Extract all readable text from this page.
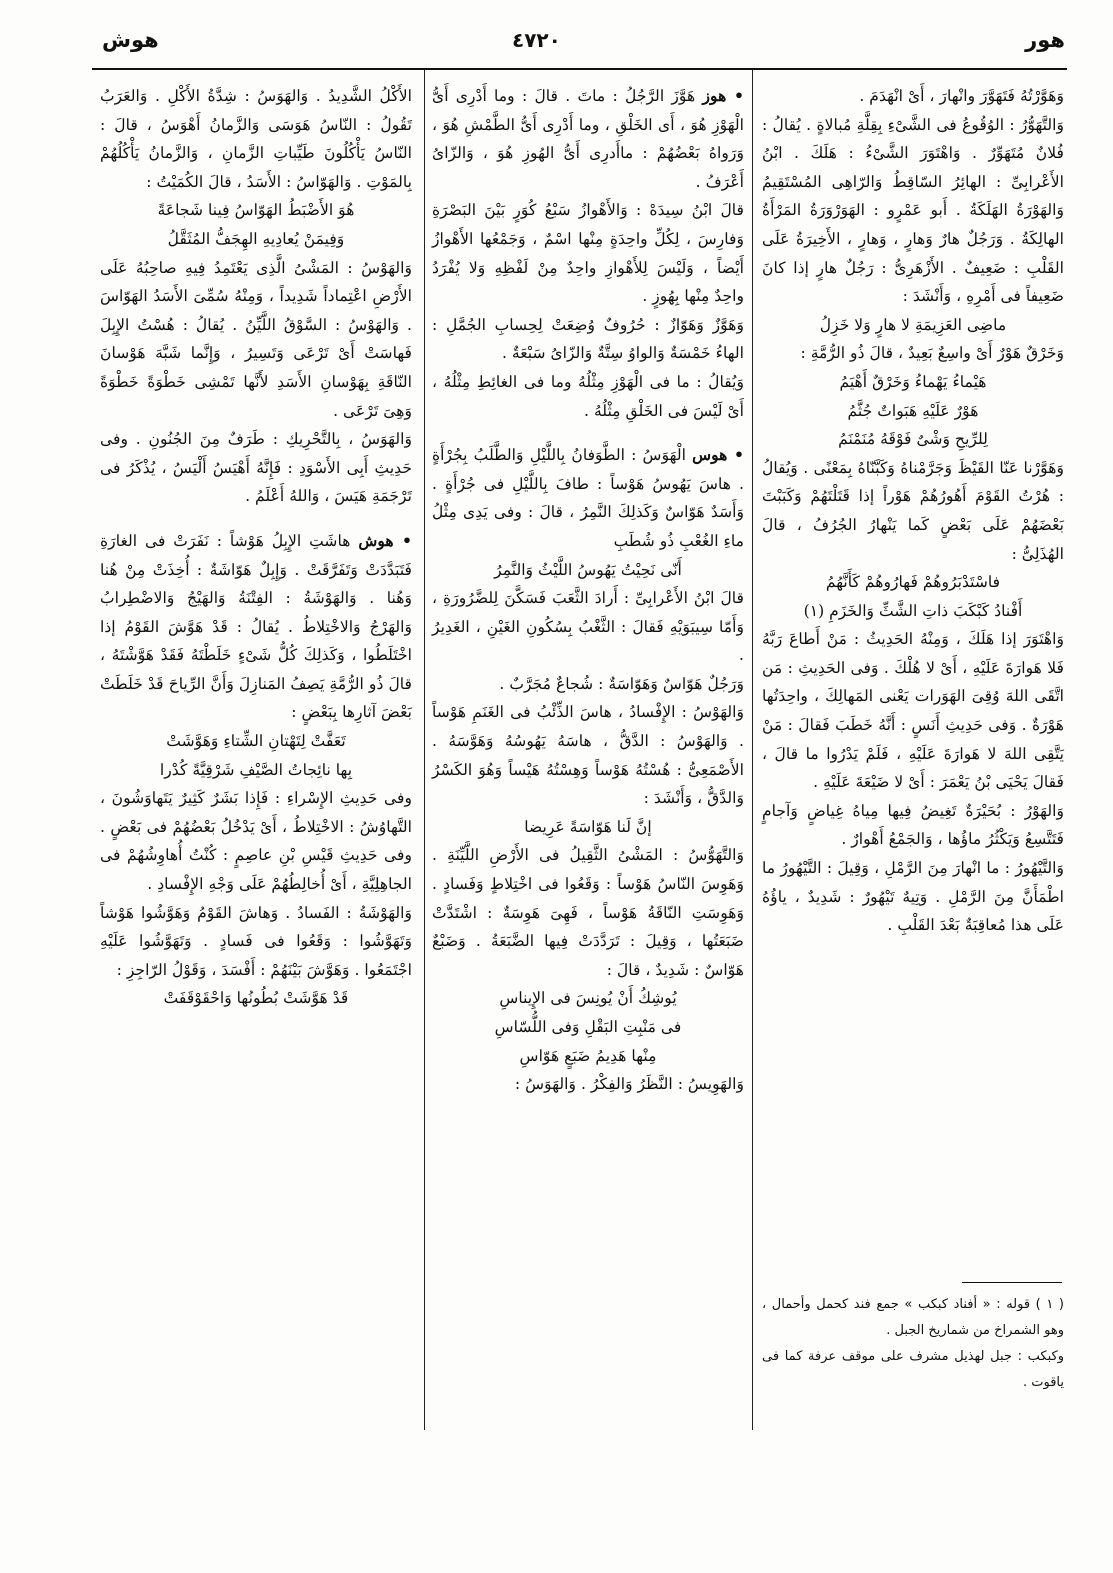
هوش	٤٧٢٠	هور

وَهَوَّرْتُهُ فَتَهَوَّرَ وانْهارَ ، أَىْ انْهَدَمَ .

وَالتَّهَوُّرُ : الوُقُوعُ فى الشَّىْءِ بِقِلَّةِ مُبالاةٍ . يُقالُ : فُلانٌ مُتَهَوِّرٌ . وَاهْتَوَرَ الشَّىْءُ : هَلَكَ . ابْنُ الأَعْرابِىِّ : الهائِرُ السّاقِطُ وَالرّاهِى المُسْتَقِيمُ وَالهَوْرَةُ الهَلَكَةُ . أَبو عَمْرٍو : الهَوَرْوَرَةُ المَرْأَةُ الهالِكَةُ . وَرَجُلٌ هارٌ وَهارٍ ، وَهارٍ ، الأَخِيرَةُ عَلَى القَلْبِ : ضَعِيفٌ . الأَزْهَرِىُّ : رَجُلٌ هارٍ إذا كانَ ضَعِيفاً فى أَمْرِهِ ، وَأَنْشَدَ :

ماضِى العَزِيمَةِ لا هارٍ وَلا خَزِلُ

وَخَرْقٌ هَوْرٌ أَىْ واسِعٌ بَعِيدٌ ، قالَ ذُو الرُّمَّةِ :

هَيْماءُ يَهْماءُ وَخَرْقٌ أَهْيَمُ

هَوْرٌ عَلَيْهِ هَبَواتٌ جُثَّمُ

لِلرِّيحِ وَشْىٌ فَوْقَهُ مُنَمْنَمُ

وَهَوَّرْنا عَنّا القَيْظَ وَجَرَّمْناهُ وَكَبَّنّاهُ بِمَعْنًى . وَيُقالُ : هُرْتُ القَوْمَ أَهُورُهُمْ هَوْراً إذا قَتَلْتَهُمْ وَكَبَبْتَ بَعْضَهُمْ عَلَى بَعْضٍ كَما يَنْهارُ الجُرُفُ ، قالَ الهُذَلِىُّ :

فاسْتَدْبَرُوهُمْ فَهارُوهُمْ كَأَنَّهُمُ

أَفْنادُ كَبْكَبَ ذاتِ الشَّثِّ وَالخَزَمِ (١)

وَاهْتَوَرَ إذا هَلَكَ ، وَمِنْهُ الحَدِيثُ : مَنْ أَطاعَ رَبَّهُ فَلا هَوارَةَ عَلَيْهِ ، أَىْ لا هُلْكَ . وَفى الحَدِيثِ : مَن اتَّقَى اللهَ وُقِىَ الهَوَرات يَعْنى المَهالِكَ ، واحِدَتُها هَوْرَةٌ . وَفى حَدِيثِ أَنَسٍ : أَنَّهُ خَطَبَ فَقالَ : مَنْ يَتَّقِى اللهَ لا هَوارَةَ عَلَيْهِ ، فَلَمْ يَدْرُوا ما قالَ ، فَقالَ يَحْيَى بْنُ يَعْمَرَ : أَىْ لا ضَيْعَةَ عَلَيْهِ .

وَالهَوْرُ : بُحَيْرَةٌ تَغِيضُ فِيها مِياهُ غِياضٍ وَآجامٍ فَتَتَّسِعُ وَيَكْثُرُ ماؤُها ، وَالجَمْعُ أَهْوارٌ .

وَالتَّيْهُورُ : ما انْهارَ مِنَ الرَّمْلِ ، وَقِيلَ : التَّيْهُورُ ما اطْمَأَنَّ مِنَ الرَّمْلِ . وَتِيهٌ تَيْهُورٌ : شَدِيدٌ ، ياؤُهُ عَلَى هذا مُعاقِبَةٌ بَعْدَ القَلْبِ .

• هوز هَوَّزَ الرَّجُلُ : ماتَ . قالَ : وما أَدْرِى أَىُّ الْهَوْزِ هُوَ ، أَى الخَلْقِ ، وما أَدْرِى أَىُّ الطَّمْشِ هُوَ ، وَرَواهُ بَعْضُهُمْ : ماأَدرِى أَىُّ الهُوزِ هُوَ ، وَالزّاىُ أَعْرَفُ .

قالَ ابْنُ سِيدَهْ : وَالأَهْوازُ سَبْعُ كُوَرٍ بَيْنَ البَصْرَةِ وَفارِسَ ، لِكُلِّ واحِدَةٍ مِنْها اسْمٌ ، وَجَمْعُها الأَهْوازُ أَيْضاً ، وَلَيْسَ لِلأَهْوازِ واحِدٌ مِنْ لَفْظِهِ وَلا يُفْرَدُ واحِدٌ مِنْها بِهُوزٍ .

وَهَوَّزٌ وَهَوّازٌ : حُرُوفٌ وُضِعَتْ لِحِسابِ الجُمَّلِ : الهاءُ خَمْسَةٌ وَالواوُ سِتَّةٌ وَالزّاىُ سَبْعَةٌ .

وَيُقالُ : ما فى الْهَوْزِ مِثْلُهُ وما فى الغائِطِ مِثْلُهُ ، أَىْ لَيْسَ فى الخَلْقِ مِثْلُهُ .

• هوس الْهَوَسُ : الطَّوَفانُ بِاللَّيْلِ وَالطَّلَبُ بِجُرْأَةٍ . هاسَ يَهُوسُ هَوْساً : طافَ بِاللَّيْلِ فى جُرْأَةٍ . وَأَسَدٌ هَوّاسٌ وَكَذلِكَ النَّمِرُ ، قالَ : وفى يَدِى مِثْلُ ماءِ الغُعْبِ ذُو شُطَبِ

أَنّى نَحِيْتُ يَهُوسُ اللَّيْثُ وَالنَّمِرُ

قالَ ابْنُ الأَعْرابِىِّ : أَرادَ الثَّعَبَ فَسَكَّنَ لِلضَّرُورَةِ ، وَأَمّا سِيبَوَيْهِ فَقالَ : الثَّغْبُ بِسُكُونِ الغَيْنِ ، الغَدِيرُ .

وَرَجُلٌ هَوّاسٌ وَهَوّاسَةٌ : شُجاعٌ مُجَرَّبٌ .

وَالهَوْسُ : الإِفْسادُ ، هاسَ الذِّئْبُ فى الغَنَمِ هَوْساً . وَالهَوْسُ : الدَّقُّ ، هاسَهُ يَهُوسُهُ وَهَوَّسَهُ . الأَصْمَعِىُّ : هُسْتُهُ هَوْساً وَهِسْتُهُ هَيْساً وَهُوَ الكَسْرُ وَالدَّقُّ ، وَأَنْشَدَ :

إنَّ لَنا هَوّاسَةً عَرِيضا

وَالتَّهَوُّسُ : المَشْىُ الثَّقِيلُ فى الأَرْضِ اللَّيِّنَةِ . وَهَوِسَ النّاسُ هَوْساً : وَقَعُوا فى اخْتِلاطٍ وَفَسادٍ . وَهَوِسَتِ النّاقَةُ هَوْساً ، فَهِىَ هَوِسَةٌ : اشْتَدَّتْ ضَبَعَتُها ، وَقِيلَ : تَرَدَّدَتْ فِيها الضَّبَعَةُ . وَضَبْعٌ هَوّاسٌ : شَدِيدٌ ، قالَ :

يُوشِكُ أَنْ يُونِسَ فى الإِيناسِ

فى مَنْبِتِ البَقْلِ وَفى اللُّسّاسِ

مِنْها هَدِيمُ ضَبَعٍ هَوّاسِ

وَالهَوِيسُ : النَّظَرُ وَالفِكْرُ . وَالهَوَسُ :

الأَكْلُ الشَّدِيدُ . وَالهَوَسُ : شِدَّةُ الأَكْلِ . وَالعَرَبُ تَقُولُ : النّاسُ هَوَسَى وَالزَّمانُ أَهْوَسُ ، قالَ : النّاسُ يَأْكُلُونَ طَيِّباتِ الزَّمانِ ، وَالزَّمانُ يَأْكُلُهُمْ بِالمَوْتِ . وَالهَوّاسُ : الأَسَدُ ، قالَ الكُمَيْتُ :

هُوَ الأَضْبَطُ الهَوّاسُ فِينا شَجاعَةً

وَفِيمَنْ يُعادِيهِ الهِجَفُّ المُثَقَّلُ

وَالهَوْسُ : المَشْىُ الَّذِى يَعْتَمِدُ فِيهِ صاحِبُهُ عَلَى الأَرْضِ اعْتِماداً شَدِيداً ، وَمِنْهُ سُمِّىَ الأَسَدُ الهَوّاسَ . وَالهَوْسُ : السَّوْقُ اللَّيِّنُ . يُقالُ : هُسْتُ الإِبِلَ فَهاسَتْ أَىْ تَرْعَى وَتَسِيرُ ، وَإِنَّما شَبَّهَ هَوْسانَ النّاقَةِ بِهَوْسانِ الأَسَدِ لأَنَّها تَمْشِى خَطْوَةً خَطْوَةً وَهِىَ تَرْعَى .

وَالهَوَسُ ، بِالتَّحْرِيكِ : طَرَفٌ مِنَ الجُنُونِ . وفى حَدِيثِ أَبِى الأَسْوَدِ : فَإِنَّهُ أَهْيَسُ أَلْيَسُ ، يُذْكَرُ فى تَرْجَمَةِ هَيَسَ ، وَاللهُ أَعْلَمُ .

• هوش هاشَتِ الإِبِلُ هَوْشاً : نَفَرَتْ فى الغارَةِ فَتَبَدَّدَتْ وَتَفَرَّقَتْ . وَإِبِلٌ هَوّاشَةٌ : أُخِذَتْ مِنْ هُنا وَهُنا . وَالهَوْشَةُ : الفِتْنَةُ وَالهَيْجُ وَالاضْطِرابُ وَالهَرْجُ وَالاخْتِلاطُ . يُقالُ : قَدْ هَوَّشَ القَوْمُ إذا اخْتَلَطُوا ، وَكَذلِكَ كُلُّ شَىْءٍ خَلَطْتَهُ فَقَدْ هَوَّشْتَهُ ، قالَ ذُو الرُّمَّةِ يَصِفُ المَنازِلَ وَأَنَّ الرِّياحَ قَدْ خَلَطَتْ بَعْضَ آثارِها بِبَعْضٍ :

تَعَفَّتْ لِتَهْتانِ الشِّتاءِ وَهَوَّشَتْ

بِها نائِجاتُ الصَّيْفِ شَرْقِيَّةً كُدْرا

وفى حَدِيثِ الإِسْراءِ : فَإِذا بَشَرٌ كَثِيرٌ يَتَهاوَشُونَ ، التَّهاوُشُ : الاخْتِلاطُ ، أَىْ يَدْخُلُ بَعْضُهُمْ فى بَعْضٍ . وفى حَدِيثِ قَيْسِ بْنِ عاصِمٍ : كُنْتُ أُهاوِشُهُمْ فى الجاهِلِيَّةِ ، أَىْ أُخالِطُهُمْ عَلَى وَجْهِ الإِفْسادِ .

وَالهَوْشَةُ : الفَسادُ . وَهاشَ القَوْمُ وَهَوَّشُوا هَوْشاً وَتَهَوَّشُوا : وَقَعُوا فى فَسادٍ . وَتَهَوَّشُوا عَلَيْهِ اجْتَمَعُوا . وَهَوَّشَ بَيْنَهُمْ : أَفْسَدَ ، وَقَوْلُ الرّاجِزِ :

قَدْ هَوَّشَتْ بُطُونُها وَاحْقَوْقَفَتْ

( ١ ) قوله : « أفناد كبكب » جمع فند كحمل وأحمال ، وهو الشمراخ من شماريخ الجبل .

وكبكب : جبل لهذيل مشرف على موقف عرفة كما فى ياقوت .
